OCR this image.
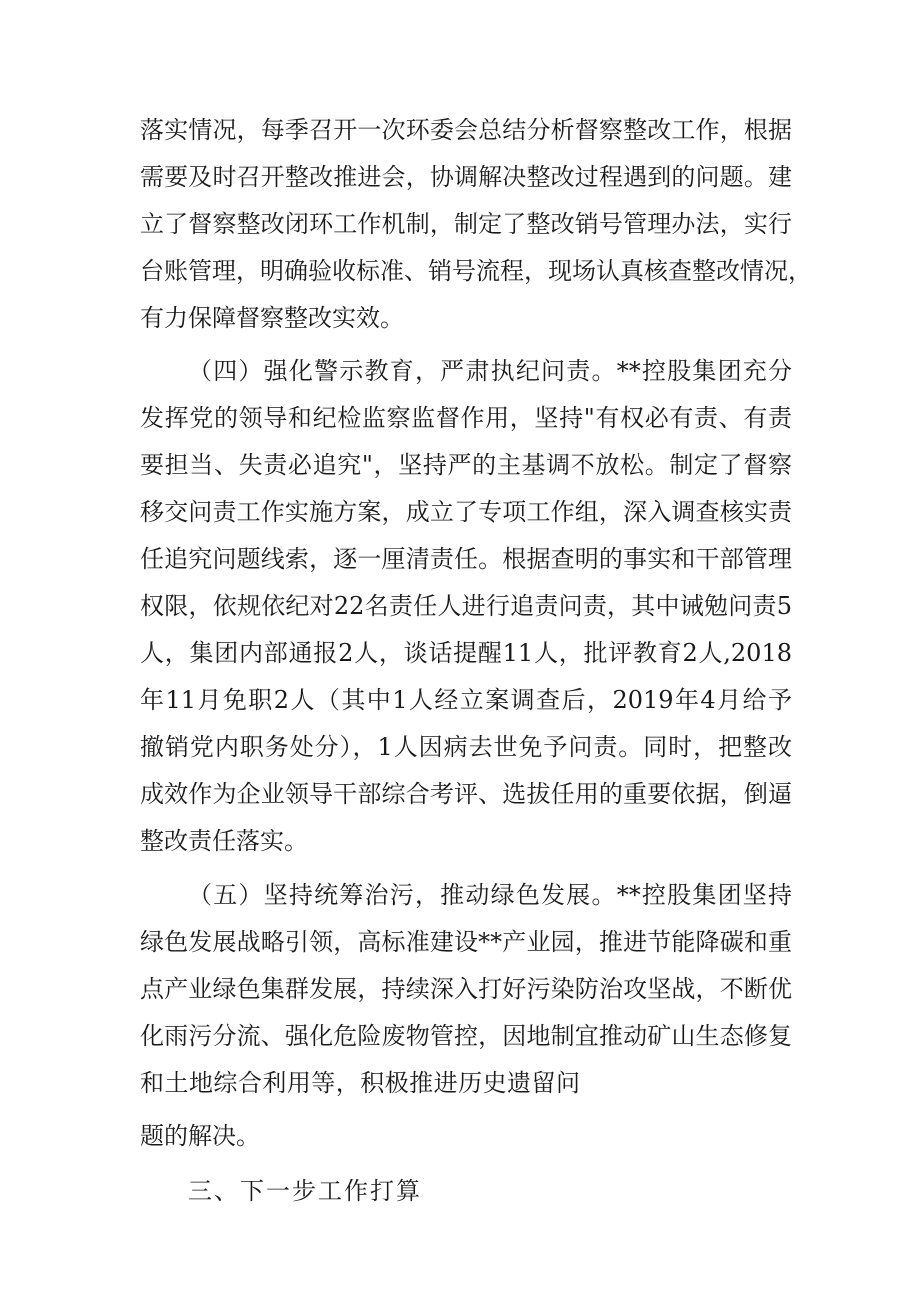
落实情况，每季召开一次环委会总结分析督察整改工作，根据
需要及时召开整改推进会，协调解决整改过程遇到的问题。建
立了督察整改闭环工作机制，制定了整改销号管理办法，实行
台账管理，明确验收标准、销号流程，现场认真核查整改情况，
有力保障督察整改实效。
（四）强化警示教育，严肃执纪问责。**控股集团充分
发挥党的领导和纪检监察监督作用，坚持"有权必有责、有责
要担当、失责必追究"，坚持严的主基调不放松。制定了督察
移交问责工作实施方案，成立了专项工作组，深入调查核实责
任追究问题线索，逐一厘清责任。根据查明的事实和干部管理
权限，依规依纪对22名责任人进行追责问责，其中诫勉问责5
人，集团内部通报2人，谈话提醒11人，批评教育2人,2018
年11月免职2人（其中1人经立案调查后，2019年4月给予
撤销党内职务处分），1人因病去世免予问责。同时，把整改
成效作为企业领导干部综合考评、选拔任用的重要依据，倒逼
整改责任落实。
（五）坚持统筹治污，推动绿色发展。**控股集团坚持
绿色发展战略引领，高标准建设**产业园，推进节能降碳和重
点产业绿色集群发展，持续深入打好污染防治攻坚战，不断优
化雨污分流、强化危险废物管控，因地制宜推动矿山生态修复
和土地综合利用等，积极推进历史遗留问
题的解决。
三、下一步工作打算
